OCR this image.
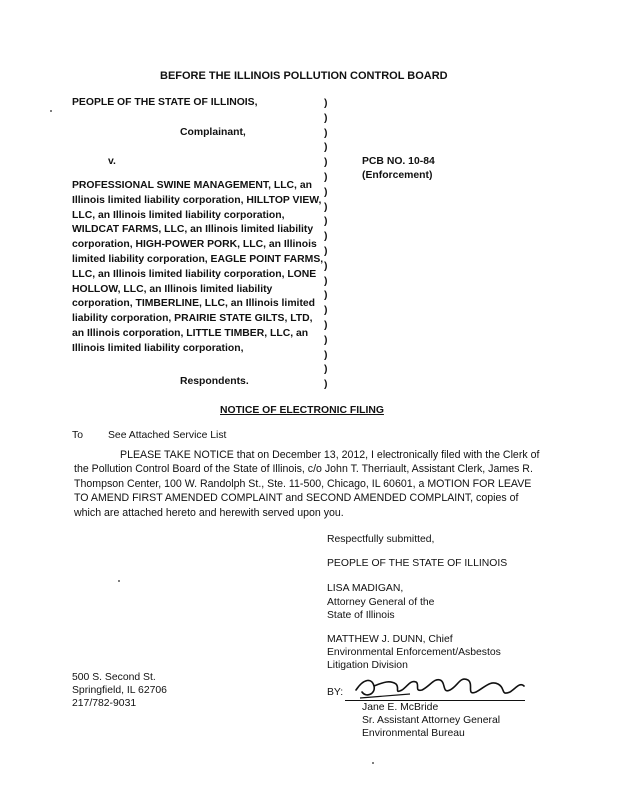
BEFORE THE ILLINOIS POLLUTION CONTROL BOARD
PEOPLE OF THE STATE OF ILLINOIS,
Complainant,
v.
PROFESSIONAL SWINE MANAGEMENT, LLC, an Illinois limited liability corporation, HILLTOP VIEW, LLC, an Illinois limited liability corporation, WILDCAT FARMS, LLC, an Illinois limited liability corporation, HIGH-POWER PORK, LLC, an Illinois limited liability corporation, EAGLE POINT FARMS, LLC, an Illinois limited liability corporation, LONE HOLLOW, LLC, an Illinois limited liability corporation, TIMBERLINE, LLC, an Illinois limited liability corporation, PRAIRIE STATE GILTS, LTD, an Illinois corporation, LITTLE TIMBER, LLC, an Illinois limited liability corporation,
Respondents.
)
)
)
)
)
)
)
)
)
)
)
)
)
)
)
)
)
)
)
)
PCB NO. 10-84
(Enforcement)
NOTICE OF ELECTRONIC FILING
To See Attached Service List
PLEASE TAKE NOTICE that on December 13, 2012, I electronically filed with the Clerk of the Pollution Control Board of the State of Illinois, c/o John T. Therriault, Assistant Clerk, James R. Thompson Center, 100 W. Randolph St., Ste. 11-500, Chicago, IL 60601, a MOTION FOR LEAVE TO AMEND FIRST AMENDED COMPLAINT and SECOND AMENDED COMPLAINT, copies of which are attached hereto and herewith served upon you.
Respectfully submitted,
PEOPLE OF THE STATE OF ILLINOIS
LISA MADIGAN,
Attorney General of the
State of Illinois
MATTHEW J. DUNN, Chief
Environmental Enforcement/Asbestos
Litigation Division
500 S. Second St.
Springfield, IL 62706
217/782-9031
BY:
Jane E. McBride
Sr. Assistant Attorney General
Environmental Bureau
